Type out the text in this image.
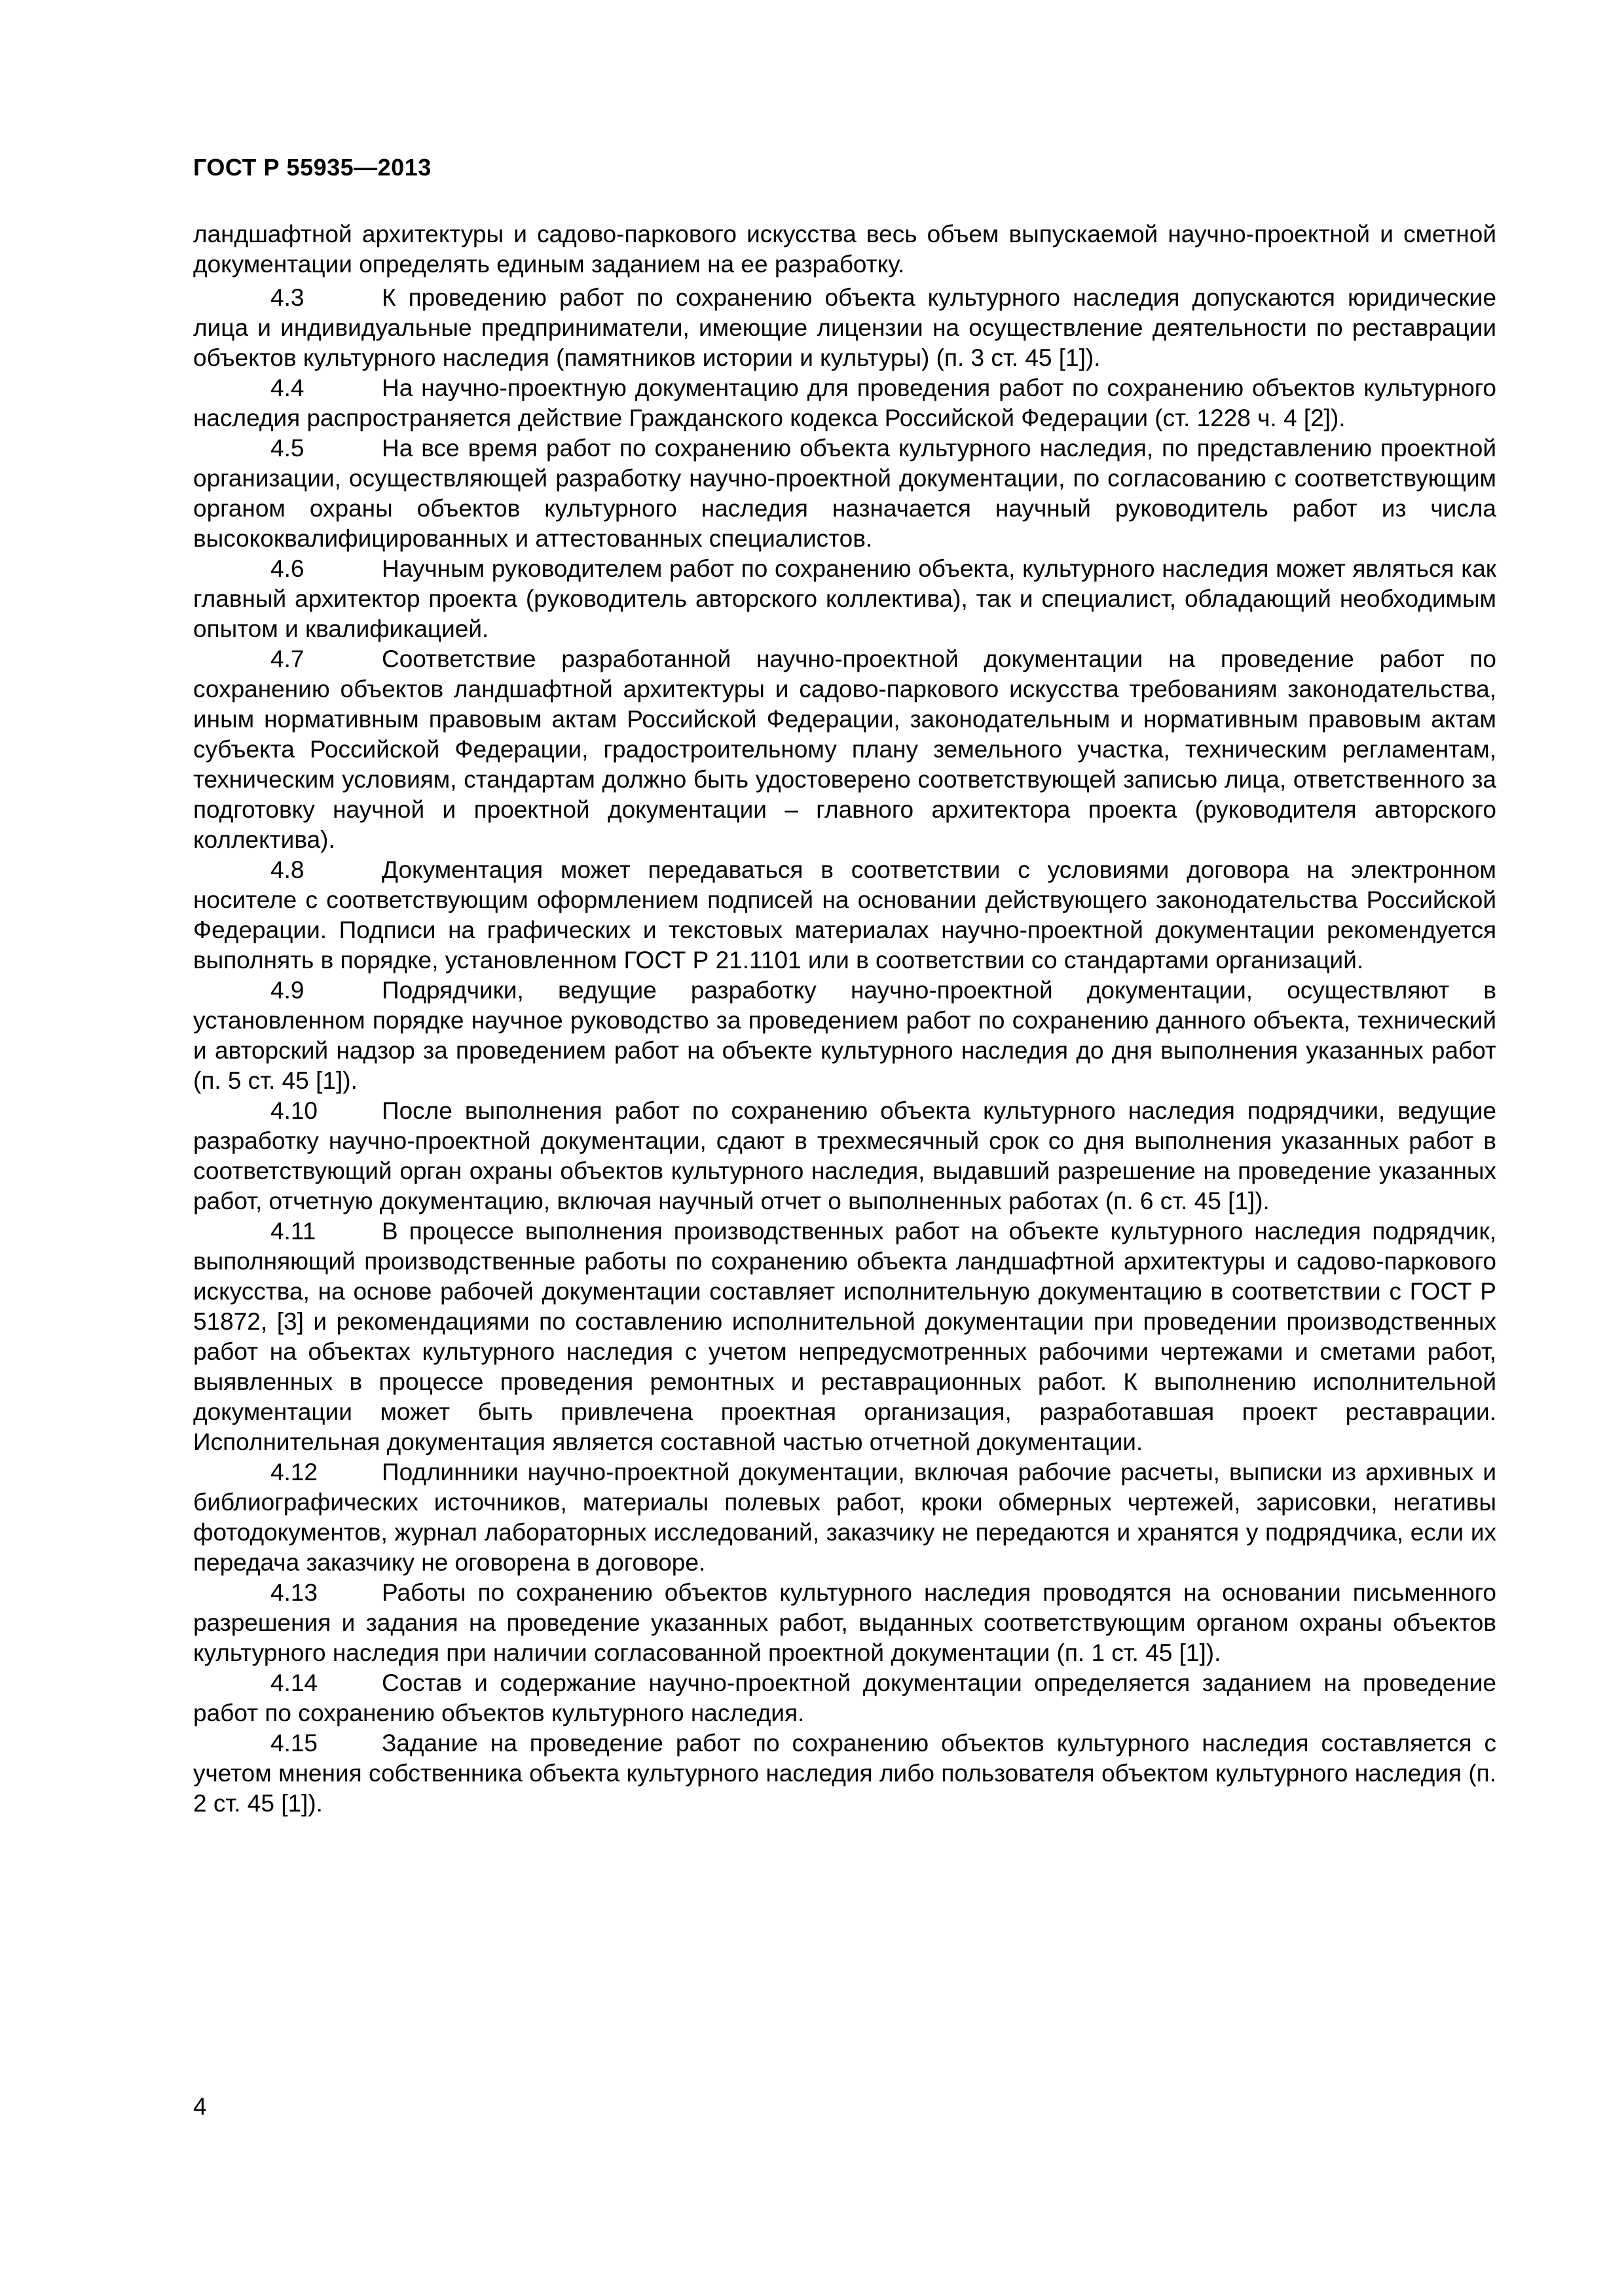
ГОСТ Р 55935—2013

ландшафтной архитектуры и садово-паркового искусства весь объем выпускаемой научно-проектной и сметной документации определять единым заданием на ее разработку.

4.3	К проведению работ по сохранению объекта культурного наследия допускаются юридические лица и индивидуальные предприниматели, имеющие лицензии на осуществление деятельности по реставрации объектов культурного наследия (памятников истории и культуры) (п. 3 ст. 45 [1]).

4.4	На научно-проектную документацию для проведения работ по сохранению объектов культурного наследия распространяется действие Гражданского кодекса Российской Федерации (ст. 1228 ч. 4 [2]).

4.5	На все время работ по сохранению объекта культурного наследия, по представлению проектной организации, осуществляющей разработку научно-проектной документации, по согласованию с соответствующим органом охраны объектов культурного наследия назначается научный руководитель работ из числа высококвалифицированных и аттестованных специалистов.

4.6	Научным руководителем работ по сохранению объекта, культурного наследия может являться как главный архитектор проекта (руководитель авторского коллектива), так и специалист, обладающий необходимым опытом и квалификацией.

4.7	Соответствие разработанной научно-проектной документации на проведение работ по сохранению объектов ландшафтной архитектуры и садово-паркового искусства требованиям законодательства, иным нормативным правовым актам Российской Федерации, законодательным и нормативным правовым актам субъекта Российской Федерации, градостроительному плану земельного участка, техническим регламентам, техническим условиям, стандартам должно быть удостоверено соответствующей записью лица, ответственного за подготовку научной и проектной документации – главного архитектора проекта (руководителя авторского коллектива).

4.8	Документация может передаваться в соответствии с условиями договора на электронном носителе с соответствующим оформлением подписей на основании действующего законодательства Российской Федерации. Подписи на графических и текстовых материалах научно-проектной документации рекомендуется выполнять в порядке, установленном ГОСТ Р 21.1101 или в соответствии со стандартами организаций.

4.9	Подрядчики, ведущие разработку научно-проектной документации, осуществляют в установленном порядке научное руководство за проведением работ по сохранению данного объекта, технический и авторский надзор за проведением работ на объекте культурного наследия до дня выполнения указанных работ (п. 5 ст. 45 [1]).

4.10	После выполнения работ по сохранению объекта культурного наследия подрядчики, ведущие разработку научно-проектной документации, сдают в трехмесячный срок со дня выполнения указанных работ в соответствующий орган охраны объектов культурного наследия, выдавший разрешение на проведение указанных работ, отчетную документацию, включая научный отчет о выполненных работах (п. 6 ст. 45 [1]).

4.11	В процессе выполнения производственных работ на объекте культурного наследия подрядчик, выполняющий производственные работы по сохранению объекта ландшафтной архитектуры и садово-паркового искусства, на основе рабочей документации составляет исполнительную документацию в соответствии с ГОСТ Р 51872, [3] и рекомендациями по составлению исполнительной документации при проведении производственных работ на объектах культурного наследия с учетом непредусмотренных рабочими чертежами и сметами работ, выявленных в процессе проведения ремонтных и реставрационных работ. К выполнению исполнительной документации может быть привлечена проектная организация, разработавшая проект реставрации. Исполнительная документация является составной частью отчетной документации.

4.12	Подлинники научно-проектной документации, включая рабочие расчеты, выписки из архивных и библиографических источников, материалы полевых работ, кроки обмерных чертежей, зарисовки, негативы фотодокументов, журнал лабораторных исследований, заказчику не передаются и хранятся у подрядчика, если их передача заказчику не оговорена в договоре.

4.13	Работы по сохранению объектов культурного наследия проводятся на основании письменного разрешения и задания на проведение указанных работ, выданных соответствующим органом охраны объектов культурного наследия при наличии согласованной проектной документации (п. 1 ст. 45 [1]).

4.14	Состав и содержание научно-проектной документации определяется заданием на проведение работ по сохранению объектов культурного наследия.

4.15	Задание на проведение работ по сохранению объектов культурного наследия составляется с учетом мнения собственника объекта культурного наследия либо пользователя объектом культурного наследия (п. 2 ст. 45 [1]).

4
